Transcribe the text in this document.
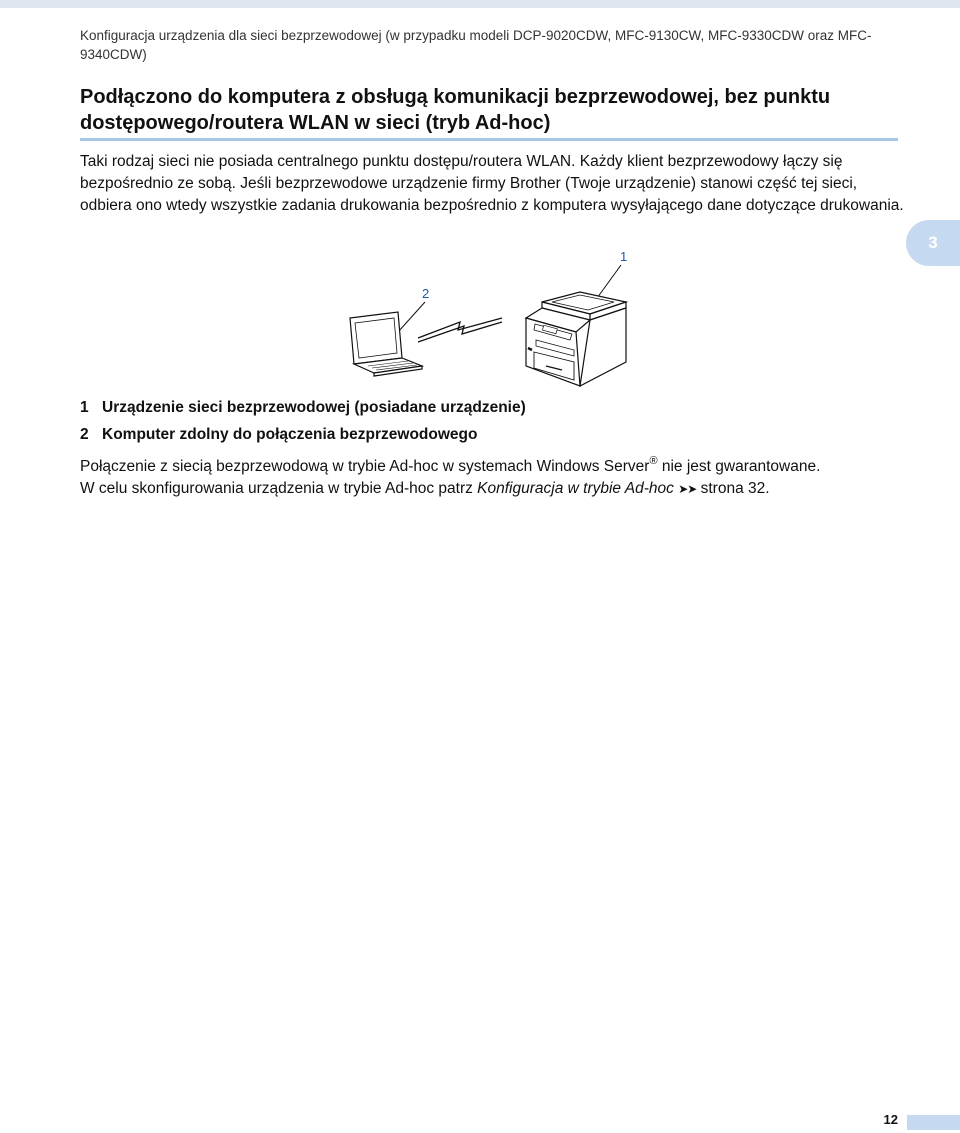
Konfiguracja urządzenia dla sieci bezprzewodowej (w przypadku modeli DCP-9020CDW, MFC-9130CW, MFC-9330CDW oraz MFC-9340CDW)
Podłączono do komputera z obsługą komunikacji bezprzewodowej, bez punktu dostępowego/routera WLAN w sieci (tryb Ad-hoc)
Taki rodzaj sieci nie posiada centralnego punktu dostępu/routera WLAN. Każdy klient bezprzewodowy łączy się bezpośrednio ze sobą. Jeśli bezprzewodowe urządzenie firmy Brother (Twoje urządzenie) stanowi część tej sieci, odbiera ono wtedy wszystkie zadania drukowania bezpośrednio z komputera wysyłającego dane dotyczące drukowania.
3
1
2
1 Urządzenie sieci bezprzewodowej (posiadane urządzenie)
2 Komputer zdolny do połączenia bezprzewodowego
Połączenie z siecią bezprzewodową w trybie Ad-hoc w systemach Windows Server® nie jest gwarantowane.
W celu skonfigurowania urządzenia w trybie Ad-hoc patrz Konfiguracja w trybie Ad-hoc ➤➤ strona 32.
12
